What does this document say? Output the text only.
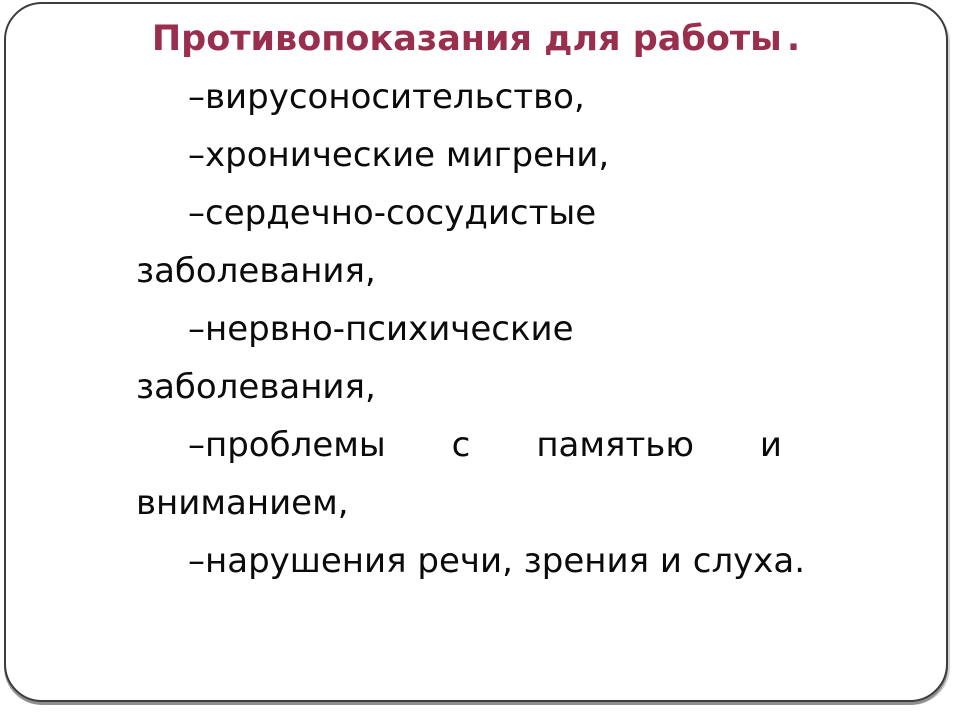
Противопоказания для работы .
–вирусоносительство,
–хронические мигрени,
–сердечно-сосудистые
заболевания,
–нервно-психические
заболевания,
–проблемы с памятью и
вниманием,
–нарушения речи, зрения и слуха.
